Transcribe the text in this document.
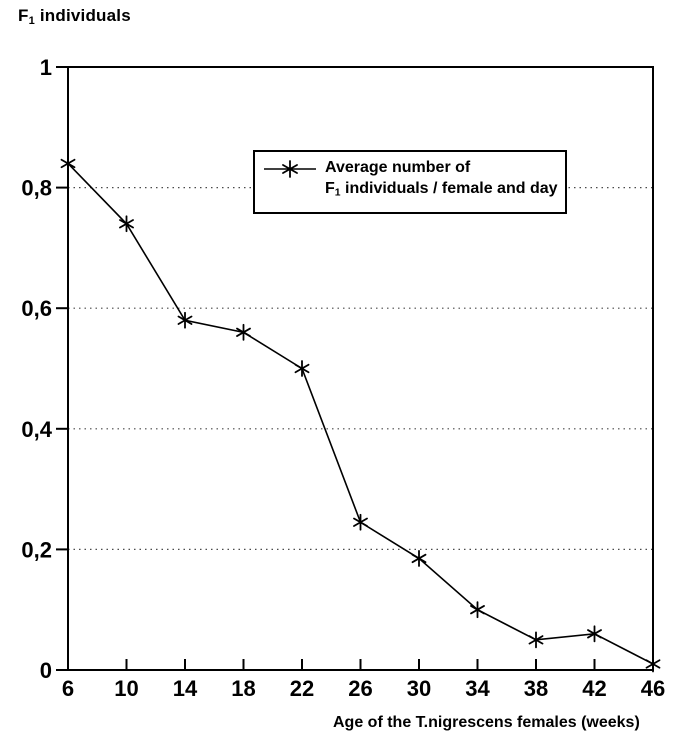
$F_1$ individuals
0
0,2
0,4
0,6
0,8
1
6 10 14 18 22 26 30 34 38 42 46
Average number of
$F_1$ individuals / female and day
Age of the T.nigrescens females (weeks)
